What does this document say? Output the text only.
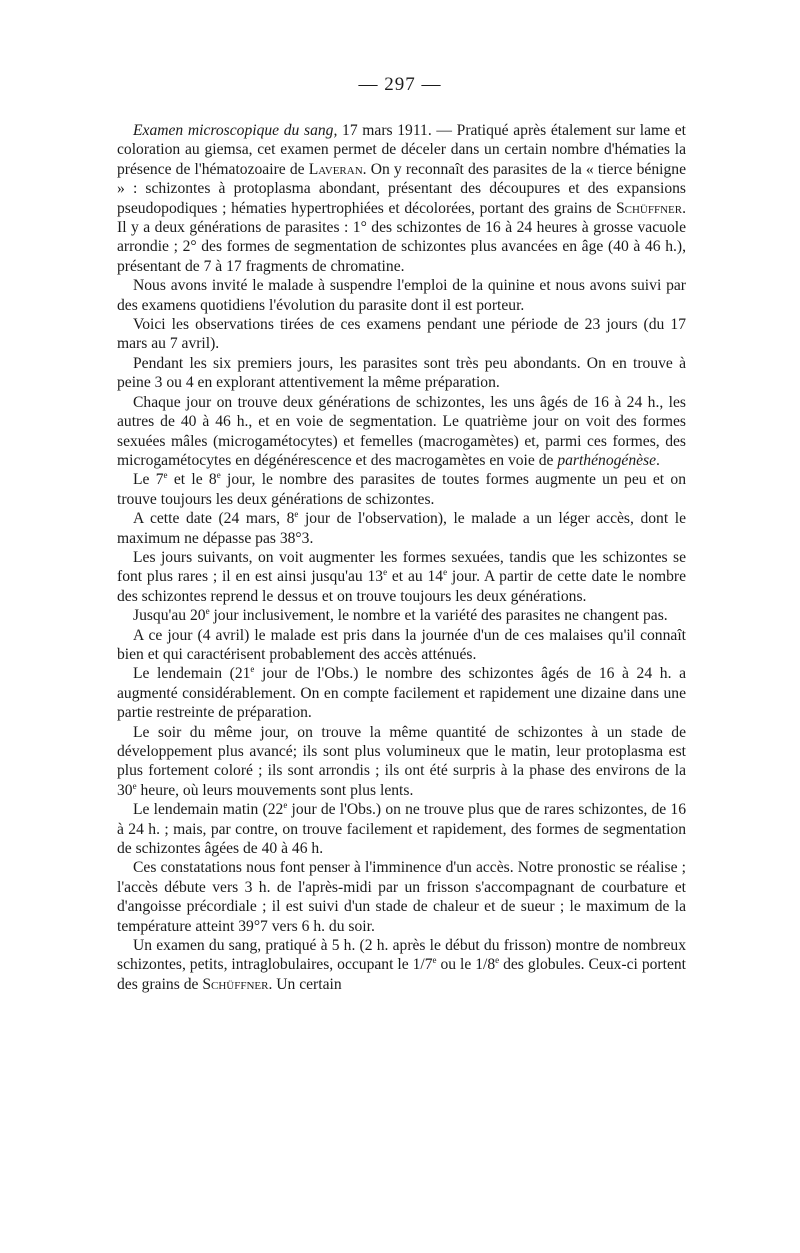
— 297 —

Examen microscopique du sang, 17 mars 1911. — Pratiqué après étalement sur lame et coloration au giemsa, cet examen permet de déceler dans un certain nombre d'hématies la présence de l'hématozoaire de Laveran. On y reconnaît des parasites de la « tierce bénigne » : schizontes à protoplasma abondant, présentant des découpures et des expansions pseudopodiques ; hématies hypertrophiées et décolorées, portant des grains de Schüffner. Il y a deux générations de parasites : 1° des schizontes de 16 à 24 heures à grosse vacuole arrondie ; 2° des formes de segmentation de schizontes plus avancées en âge (40 à 46 h.), présentant de 7 à 17 fragments de chromatine.

Nous avons invité le malade à suspendre l'emploi de la quinine et nous avons suivi par des examens quotidiens l'évolution du parasite dont il est porteur.

Voici les observations tirées de ces examens pendant une période de 23 jours (du 17 mars au 7 avril).

Pendant les six premiers jours, les parasites sont très peu abondants. On en trouve à peine 3 ou 4 en explorant attentivement la même préparation.

Chaque jour on trouve deux générations de schizontes, les uns âgés de 16 à 24 h., les autres de 40 à 46 h., et en voie de segmentation. Le quatrième jour on voit des formes sexuées mâles (microgamétocytes) et femelles (macrogamètes) et, parmi ces formes, des microgamétocytes en dégénérescence et des macrogamètes en voie de parthénogénèse.

Le 7e et le 8e jour, le nombre des parasites de toutes formes augmente un peu et on trouve toujours les deux générations de schizontes.

A cette date (24 mars, 8e jour de l'observation), le malade a un léger accès, dont le maximum ne dépasse pas 38°3.

Les jours suivants, on voit augmenter les formes sexuées, tandis que les schizontes se font plus rares ; il en est ainsi jusqu'au 13e et au 14e jour. A partir de cette date le nombre des schizontes reprend le dessus et on trouve toujours les deux générations.

Jusqu'au 20e jour inclusivement, le nombre et la variété des parasites ne changent pas.

A ce jour (4 avril) le malade est pris dans la journée d'un de ces malaises qu'il connaît bien et qui caractérisent probablement des accès atténués.

Le lendemain (21e jour de l'Obs.) le nombre des schizontes âgés de 16 à 24 h. a augmenté considérablement. On en compte facilement et rapidement une dizaine dans une partie restreinte de préparation.

Le soir du même jour, on trouve la même quantité de schizontes à un stade de développement plus avancé; ils sont plus volumineux que le matin, leur protoplasma est plus fortement coloré ; ils sont arrondis ; ils ont été surpris à la phase des environs de la 30e heure, où leurs mouvements sont plus lents.

Le lendemain matin (22e jour de l'Obs.) on ne trouve plus que de rares schizontes, de 16 à 24 h. ; mais, par contre, on trouve facilement et rapidement, des formes de segmentation de schizontes âgées de 40 à 46 h.

Ces constatations nous font penser à l'imminence d'un accès. Notre pronostic se réalise ; l'accès débute vers 3 h. de l'après-midi par un frisson s'accompagnant de courbature et d'angoisse précordiale ; il est suivi d'un stade de chaleur et de sueur ; le maximum de la température atteint 39°7 vers 6 h. du soir.

Un examen du sang, pratiqué à 5 h. (2 h. après le début du frisson) montre de nombreux schizontes, petits, intraglobulaires, occupant le 1/7e ou le 1/8e des globules. Ceux-ci portent des grains de Schüffner. Un certain
